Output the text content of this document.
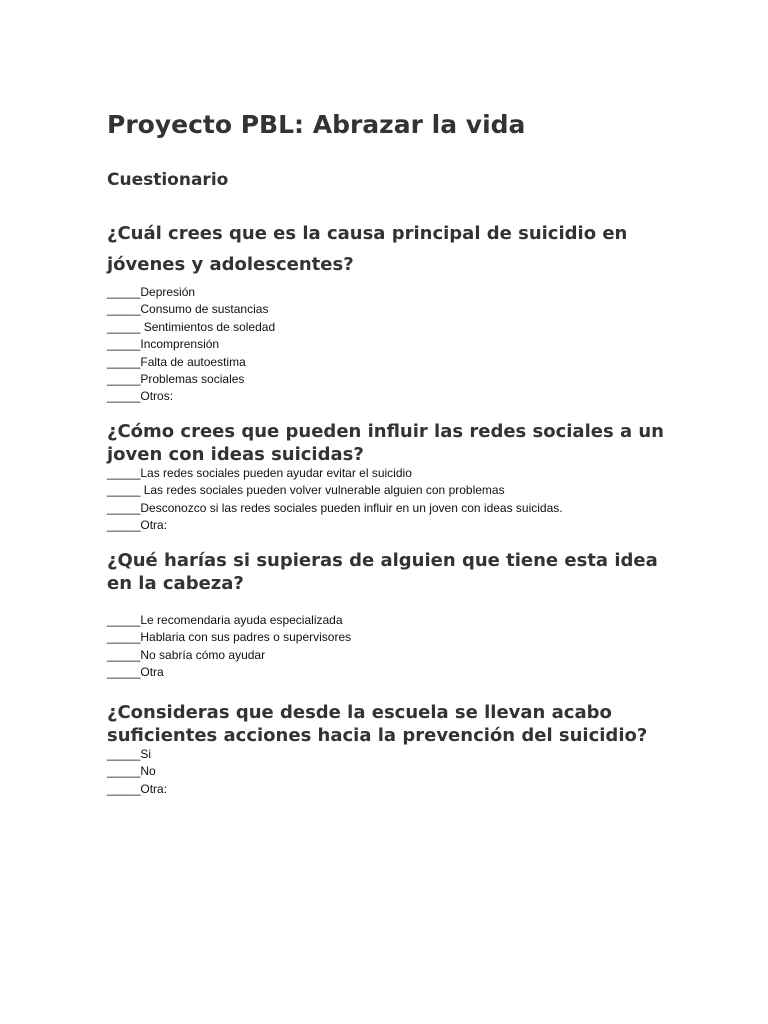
Proyecto PBL: Abrazar la vida
Cuestionario
¿Cuál crees que es la causa principal de suicidio en jóvenes y adolescentes?
_____Depresión
_____Consumo de sustancias
_____ Sentimientos de soledad
_____Incomprensión
_____Falta de autoestima
_____Problemas sociales
_____Otros:
¿Cómo crees que pueden influir las redes sociales a un joven con ideas suicidas?
_____Las redes sociales pueden ayudar evitar el suicidio
_____ Las redes sociales pueden volver vulnerable alguien con problemas
_____Desconozco si las redes sociales pueden influir en un joven con ideas suicidas.
_____Otra:
¿Qué harías si supieras de alguien que tiene esta idea en la cabeza?
_____Le recomendaria ayuda especializada
_____Hablaria con sus padres o supervisores
_____No sabría cómo ayudar
_____Otra
¿Consideras que desde la escuela se llevan acabo suficientes acciones hacia la prevención del suicidio?
_____Si
_____No
_____Otra:
